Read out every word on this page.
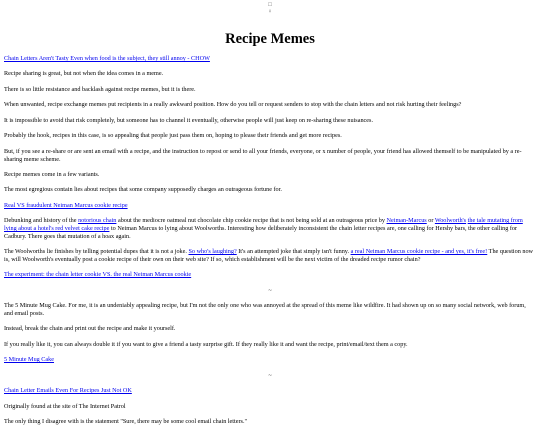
□
♀
Recipe Memes

Chain Letters Aren't Tasty Even when food is the subject, they still annoy - CHOW

Recipe sharing is great, but not when the idea comes in a meme.

There is so little resistance and backlash against recipe memes, but it is there.

When unwanted, recipe exchange memes put recipients in a really awkward position. How do you tell or request senders to stop with the chain letters and not risk hurting their feelings?

It is impossible to avoid that risk completely, but someone has to channel it eventually, otherwise people will just keep on re-sharing these nuisances.

Probably the hook, recipes in this case, is so appealing that people just pass them on, hoping to please their friends and get more recipes.

But, if you see a re-share or are sent an email with a recipe, and the instruction to repost or send to all your friends, everyone, or x number of people, your friend has allowed themself to be manipulated by a re-sharing meme scheme.

Recipe memes come in a few variants.

The most egregious contain lies about recipes that some company supposedly charges an outrageous fortune for.

Real VS fraudulent Neiman Marcus cookie recipe

Debunking and history of the notorious chain about the mediocre oatmeal nut chocolate chip cookie recipe that is not being sold at an outrageous price by Neiman-Marcus or Woolworth's the tale mutating from lying about a hotel's red velvet cake recipe to Neiman Marcus to lying about Woolworths. Interesting how deliberately inconsistent the chain letter recipes are, one calling for Hershy bars, the other calling for Cadbury. There goes that mutation of a hoax again.

The Woolworths lie finishes by telling potential dupes that it is not a joke. So who's laughing? It's an attempted joke that simply isn't funny. a real Neiman Marcus cookie recipe - and yes, it's free! The question now is, will Woolworth's eventually post a cookie recipe of their own on their web site? If so, which establishment will be the next victim of the dreaded recipe rumor chain?

The experiment: the chain letter cookie VS. the real Neiman Marcus cookie

~

The 5 Minute Mug Cake. For me, it is an undeniably appealing recipe, but I'm not the only one who was annoyed at the spread of this meme like wildfire. It had shown up on so many social network, web forum, and email posts.

Instead, break the chain and print out the recipe and make it yourself.

If you really like it, you can always double it if you want to give a friend a tasty surprise gift. If they really like it and want the recipe, print/email/text them a copy.

5 Minute Mug Cake

~

Chain Letter Emails Even For Recipes Just Not OK

Originally found at the site of The Internet Patrol

The only thing I disagree with is the statement "Sure, there may be some cool email chain letters."
